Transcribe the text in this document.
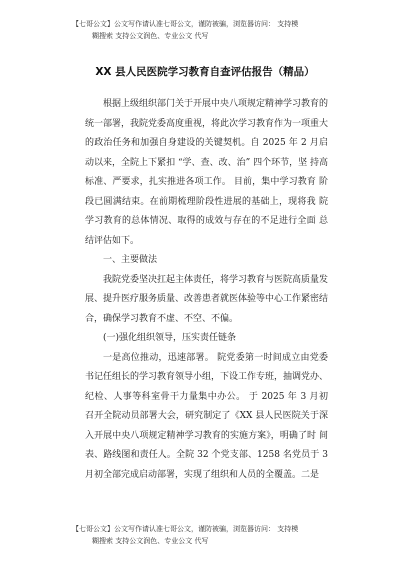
【七哥公文】公文写作请认准七哥公文，谨防被骗，浏览器访问： 支持模
糊搜索 支持公文润色、专业公文 代写
XX 县人民医院学习教育自查评估报告（精品）

根据上级组织部门关于开展中央八项规定精神学习教育的统一部署，我院党委高度重视，将此次学习教育作为一项重大的政治任务和加强自身建设的关键契机。自 2025 年 2 月启动以来，全院上下紧扣 “学、查、改、治” 四个环节，坚 持高标准、严要求，扎实推进各项工作。 目前，集中学习教育 阶段已圆满结束。在前期梳理阶段性进展的基础上，现将我 院学习教育的总体情况、取得的成效与存在的不足进行全面 总结评估如下。

一、主要做法

我院党委坚决扛起主体责任，将学习教育与医院高质量发展、提升医疗服务质量、改善患者就医体验等中心工作紧密结合，确保学习教育不虚、不空、不偏。

(一)强化组织领导，压实责任链条

一是高位推动，迅速部署。 院党委第一时间成立由党委 书记任组长的学习教育领导小组，下设工作专班，抽调党办、 纪检、人事等科室骨干力量集中办公。 于 2025 年 3 月初 召开全院动员部署大会，研究制定了《XX 县人民医院关于深 入开展中央八项规定精神学习教育的实施方案》，明确了时 间表、路线图和责任人。全院 32 个党支部、1258 名党员于 3 月初全部完成启动部署，实现了组织和人员的全覆盖。二是

【七哥公文】公文写作请认准七哥公文，谨防被骗，浏览器访问： 支持模
糊搜索 支持公文润色、专业公文 代写
